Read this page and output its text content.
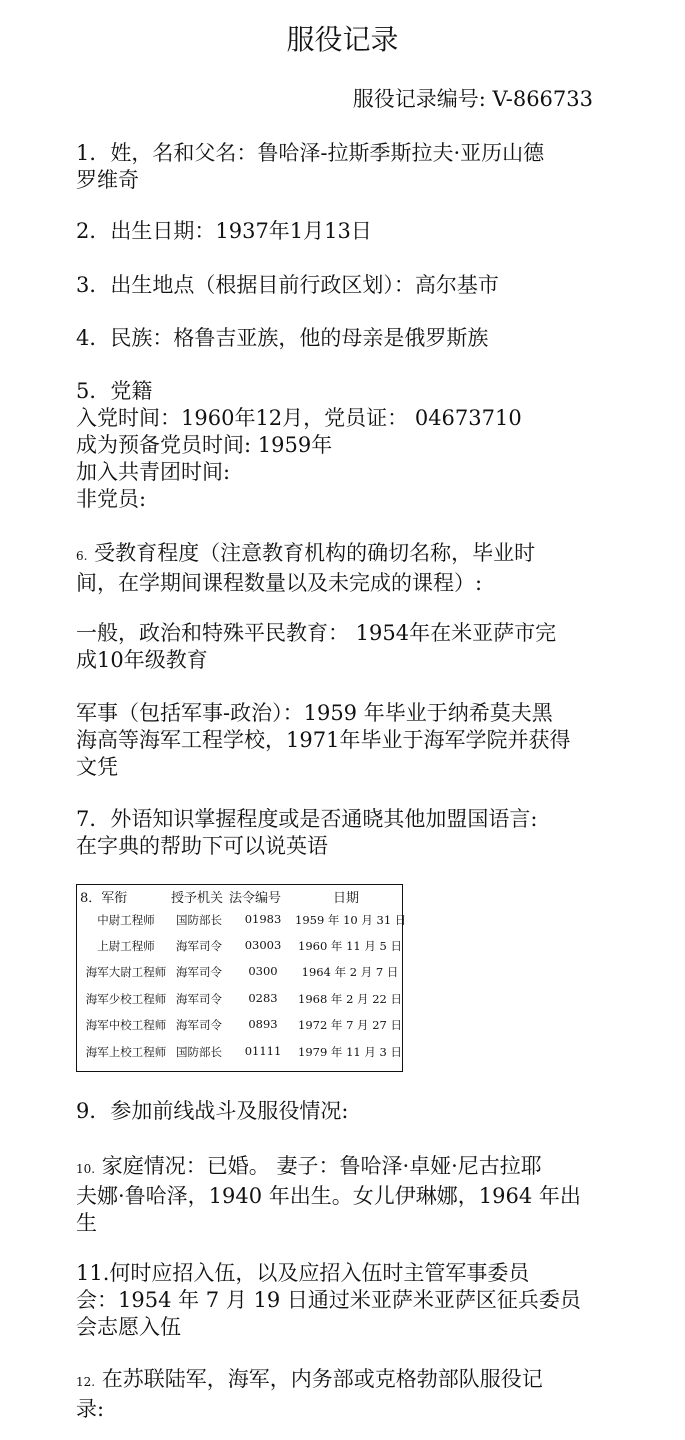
服役记录
服役记录编号: V-866733
1．姓，名和父名：鲁哈泽-拉斯季斯拉夫·亚历山德
罗维奇
2．出生日期：1937年1月13日
3．出生地点（根据目前行政区划）：高尔基市
4．民族：格鲁吉亚族，他的母亲是俄罗斯族
5．党籍
入党时间：1960年12月，党员证： 04673710
成为预备党员时间: 1959年
加入共青团时间:
非党员:
6. 受教育程度（注意教育机构的确切名称，毕业时
间，在学期间课程数量以及未完成的课程）:
一般，政治和特殊平民教育： 1954年在米亚萨市完
成10年级教育
军事（包括军事-政治）：1959 年毕业于纳希莫夫黑
海高等海军工程学校，1971年毕业于海军学院并获得
文凭
7．外语知识掌握程度或是否通晓其他加盟国语言:
在字典的帮助下可以说英语
8．军衔	授予机关 法令编号	日期
中尉工程师	国防部长	01983	1959 年 10 月 31 日
上尉工程师	海军司令	03003	1960 年 11 月 5 日
海军大尉工程师 海军司令	0300	1964 年 2 月 7 日
海军少校工程师 海军司令	0283	1968 年 2 月 22 日
海军中校工程师 海军司令	0893	1972 年 7 月 27 日
海军上校工程师 国防部长	01111	1979 年 11 月 3 日
9．参加前线战斗及服役情况:
10. 家庭情况：已婚。 妻子：鲁哈泽·卓娅·尼古拉耶
夫娜·鲁哈泽，1940 年出生。女儿伊琳娜，1964 年出
生
11.何时应招入伍，以及应招入伍时主管军事委员
会：1954 年 7 月 19 日通过米亚萨米亚萨区征兵委员
会志愿入伍
12. 在苏联陆军，海军，内务部或克格勃部队服役记
录:
